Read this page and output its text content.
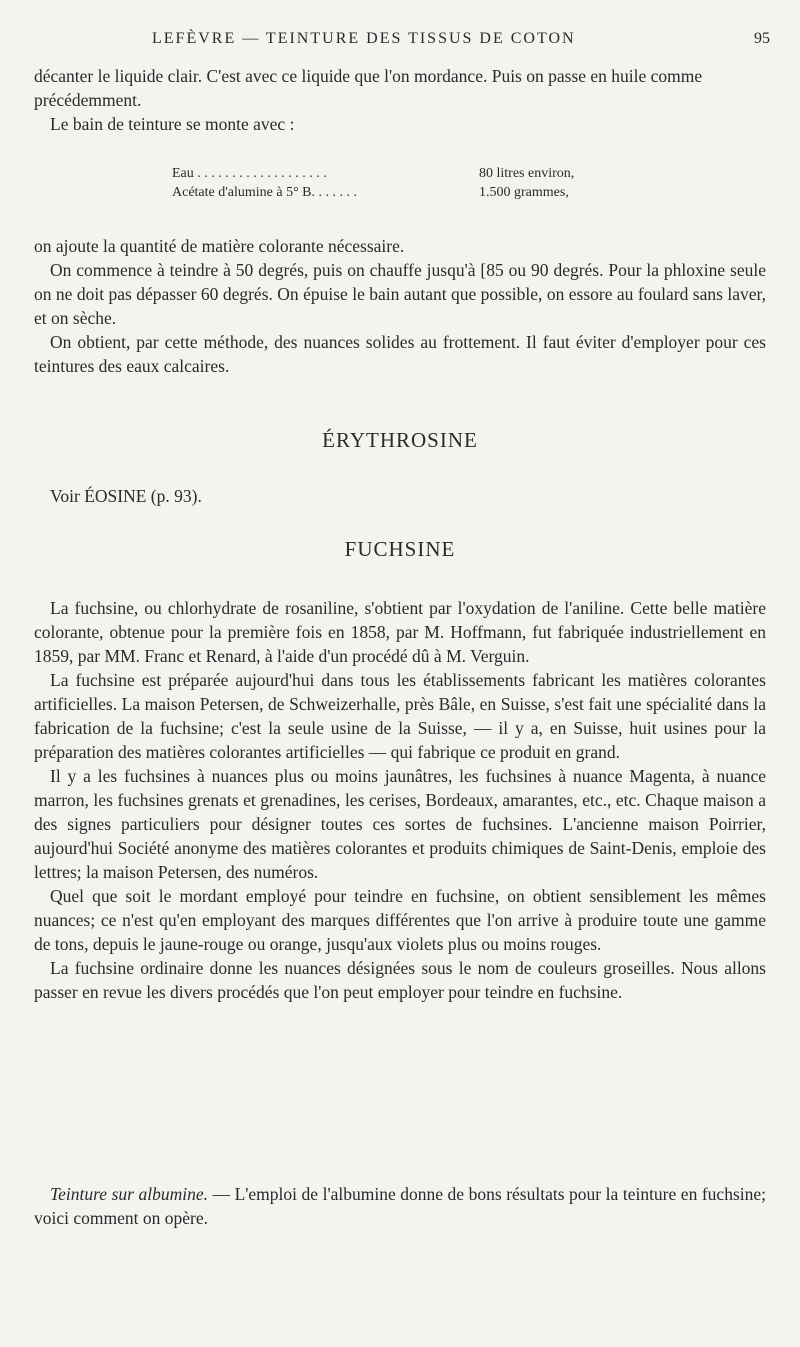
LEFÈVRE — TEINTURE DES TISSUS DE COTON	95

décanter le liquide clair. C'est avec ce liquide que l'on mordance. Puis on passe en huile comme précédemment.

Le bain de teinture se monte avec :

Eau . . . . . . . . . . . . . . . . . . .	80 litres environ,
Acétate d'alumine à 5° B. . . . . . .	1.500 grammes,

on ajoute la quantité de matière colorante nécessaire.

On commence à teindre à 50 degrés, puis on chauffe jusqu'à [85 ou 90 degrés. Pour la phloxine seule on ne doit pas dépasser 60 degrés. On épuise le bain autant que possible, on essore au foulard sans laver, et on sèche.

On obtient, par cette méthode, des nuances solides au frottement. Il faut éviter d'employer pour ces teintures des eaux calcaires.

ÉRYTHROSINE

Voir ÉOSINE (p. 93).

FUCHSINE

La fuchsine, ou chlorhydrate de rosaniline, s'obtient par l'oxydation de l'aniline. Cette belle matière colorante, obtenue pour la première fois en 1858, par M. Hoffmann, fut fabriquée industriellement en 1859, par MM. Franc et Renard, à l'aide d'un procédé dû à M. Verguin.

La fuchsine est préparée aujourd'hui dans tous les établissements fabricant les matières colorantes artificielles. La maison Petersen, de Schweizerhalle, près Bâle, en Suisse, s'est fait une spécialité dans la fabrication de la fuchsine; c'est la seule usine de la Suisse, — il y a, en Suisse, huit usines pour la préparation des matières colorantes artificielles — qui fabrique ce produit en grand.

Il y a les fuchsines à nuances plus ou moins jaunâtres, les fuchsines à nuance Magenta, à nuance marron, les fuchsines grenats et grenadines, les cerises, Bordeaux, amarantes, etc., etc. Chaque maison a des signes particuliers pour désigner toutes ces sortes de fuchsines. L'ancienne maison Poirrier, aujourd'hui Société anonyme des matières colorantes et produits chimiques de Saint-Denis, emploie des lettres; la maison Petersen, des numéros.

Quel que soit le mordant employé pour teindre en fuchsine, on obtient sensiblement les mêmes nuances; ce n'est qu'en employant des marques différentes que l'on arrive à produire toute une gamme de tons, depuis le jaune-rouge ou orange, jusqu'aux violets plus ou moins rouges.

La fuchsine ordinaire donne les nuances désignées sous le nom de couleurs groseilles. Nous allons passer en revue les divers procédés que l'on peut employer pour teindre en fuchsine.

Teinture sur albumine. — L'emploi de l'albumine donne de bons résultats pour la teinture en fuchsine; voici comment on opère.
